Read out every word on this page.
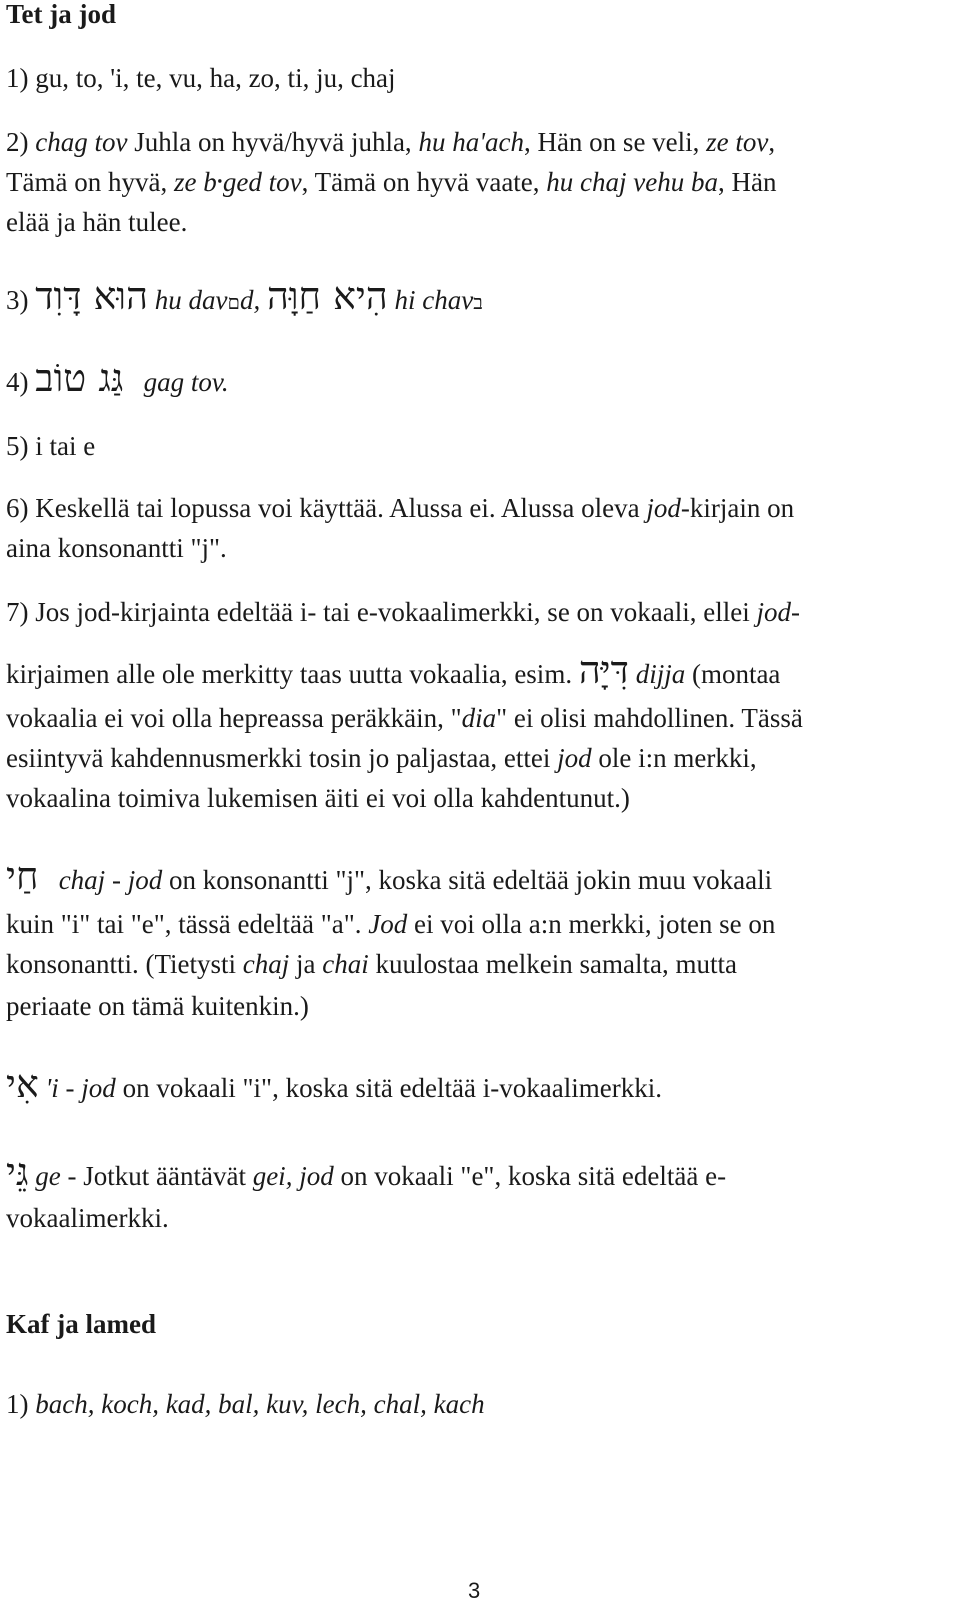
Tet ja jod
1) gu, to, 'i, te, vu, ha, zo, ti, ju, chaj
2) chag tov Juhla on hyvä/hyvä juhla, hu ha'ach, Hän on se veli, ze tov,
Tämä on hyvä, ze $b^ꞏged$ tov, Tämä on hyvä vaate, hu chaj vehu ba, Hän
elää ja hän tulee.
3) הוּא דָּוִד hu davםd, הִיא חַוָּה hi chavב
4) גַּג טוֹב   gag tov.
5) i tai e
6) Keskellä tai lopussa voi käyttää. Alussa ei. Alussa oleva jod-kirjain on
aina konsonantti "j".
7) Jos jod-kirjainta edeltää i- tai e-vokaalimerkki, se on vokaali, ellei jod-
kirjaimen alle ole merkitty taas uutta vokaalia, esim. דִּיָּה dijja (montaa
vokaalia ei voi olla hepreassa peräkkäin, "dia" ei olisi mahdollinen. Tässä
esiintyvä kahdennusmerkki tosin jo paljastaa, ettei jod ole i:n merkki,
vokaalina toimiva lukemisen äiti ei voi olla kahdentunut.)
חַי chaj - jod on konsonantti "j", koska sitä edeltää jokin muu vokaali
kuin "i" tai "e", tässä edeltää "a". Jod ei voi olla a:n merkki, joten se on
konsonantti. (Tietysti chaj ja chai kuulostaa melkein samalta, mutta
periaate on tämä kuitenkin.)
אִי 'i - jod on vokaali "i", koska sitä edeltää i-vokaalimerkki.
גֵּי ge - Jotkut ääntävät gei, jod on vokaali "e", koska sitä edeltää e-
vokaalimerkki.
Kaf ja lamed
1) bach, koch, kad, bal, kuv, lech, chal, kach
3
